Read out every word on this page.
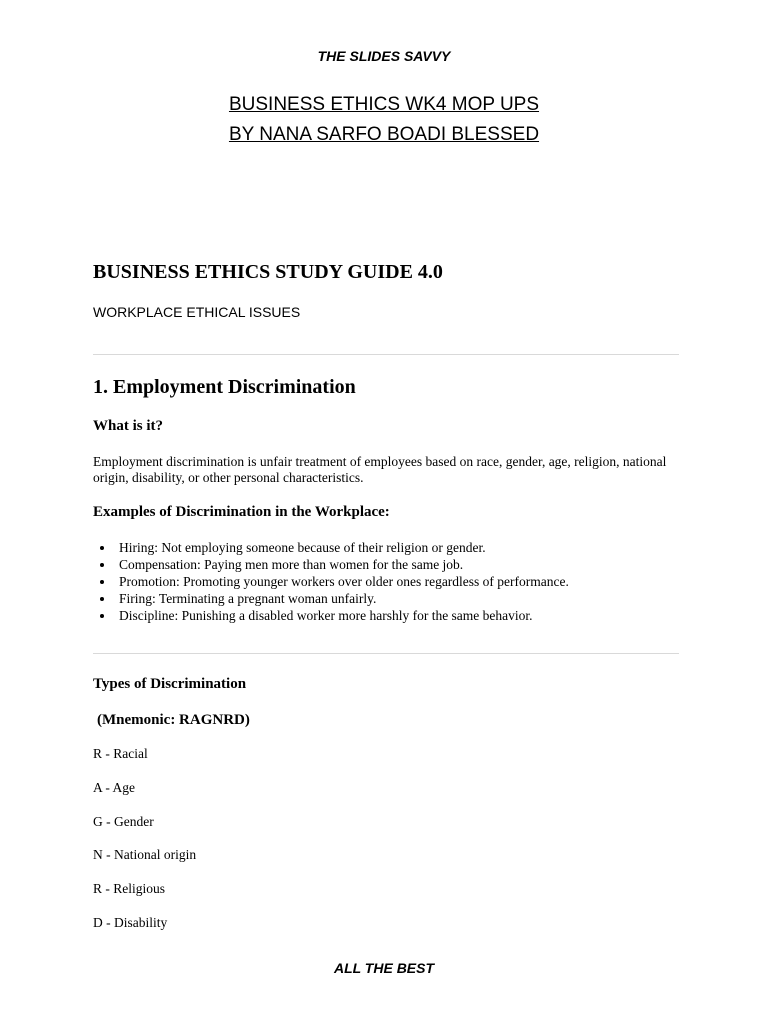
THE SLIDES SAVVY
BUSINESS ETHICS WK4 MOP UPS
BY NANA SARFO BOADI BLESSED
BUSINESS ETHICS STUDY GUIDE 4.0
WORKPLACE ETHICAL ISSUES
1. Employment Discrimination
What is it?
Employment discrimination is unfair treatment of employees based on race, gender, age, religion, national origin, disability, or other personal characteristics.
Examples of Discrimination in the Workplace:
• Hiring: Not employing someone because of their religion or gender.
• Compensation: Paying men more than women for the same job.
• Promotion: Promoting younger workers over older ones regardless of performance.
• Firing: Terminating a pregnant woman unfairly.
• Discipline: Punishing a disabled worker more harshly for the same behavior.
Types of Discrimination
(Mnemonic: RAGNRD)
R - Racial
A - Age
G - Gender
N - National origin
R - Religious
D - Disability
ALL THE BEST
